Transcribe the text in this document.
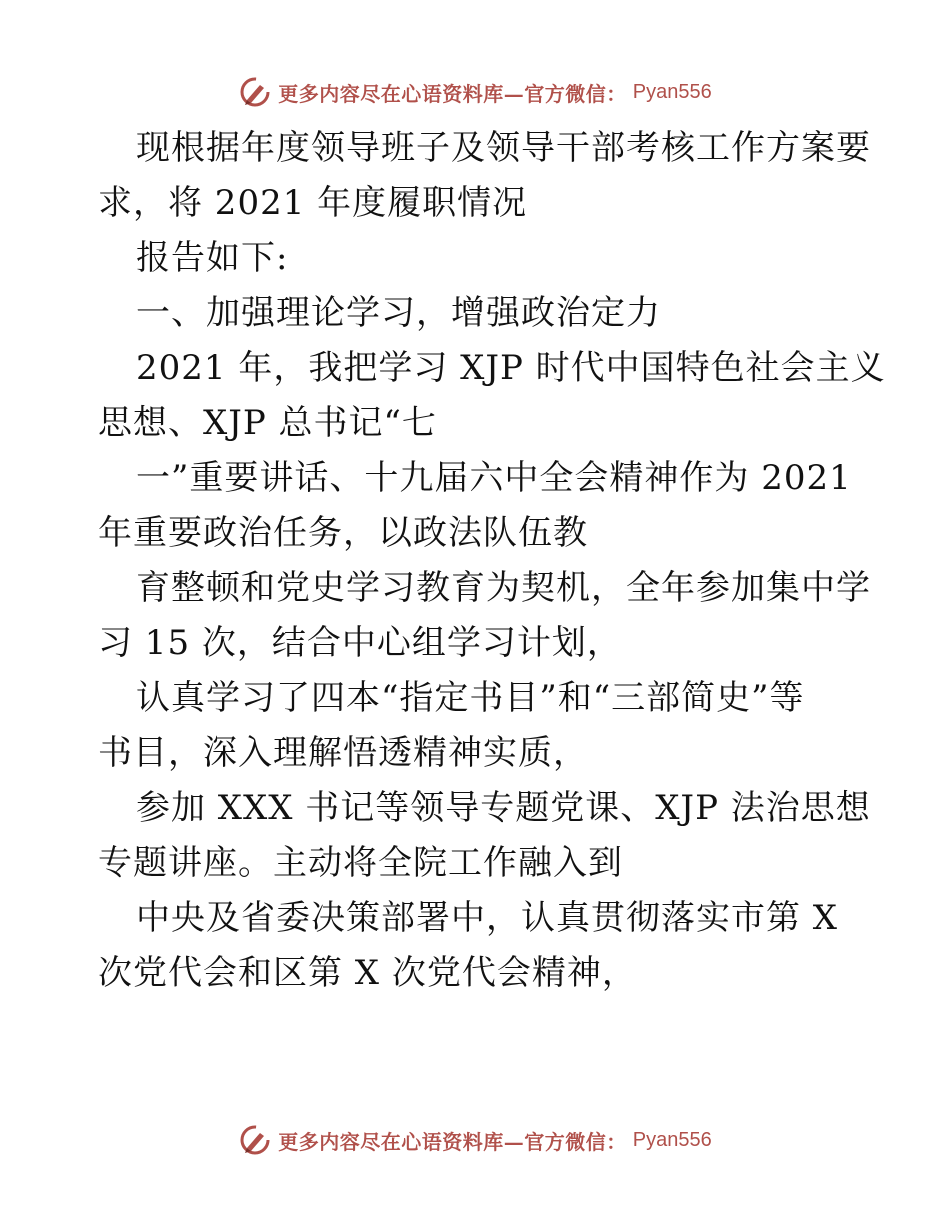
更多内容尽在心语资料库—官方微信： Pyan556
现根据年度领导班子及领导干部考核工作方案要
求，将 2021 年度履职情况
报告如下:
一、加强理论学习，增强政治定力
2021 年，我把学习 XJP 时代中国特色社会主义
思想、XJP 总书记“七
一”重要讲话、十九届六中全会精神作为 2021
年重要政治任务，以政法队伍教
育整顿和党史学习教育为契机，全年参加集中学
习 15 次，结合中心组学习计划，
认真学习了四本“指定书目”和“三部简史”等
书目，深入理解悟透精神实质，
参加 XXX 书记等领导专题党课、XJP 法治思想
专题讲座。主动将全院工作融入到
中央及省委决策部署中，认真贯彻落实市第 X
次党代会和区第 X 次党代会精神，
更多内容尽在心语资料库—官方微信： Pyan556
